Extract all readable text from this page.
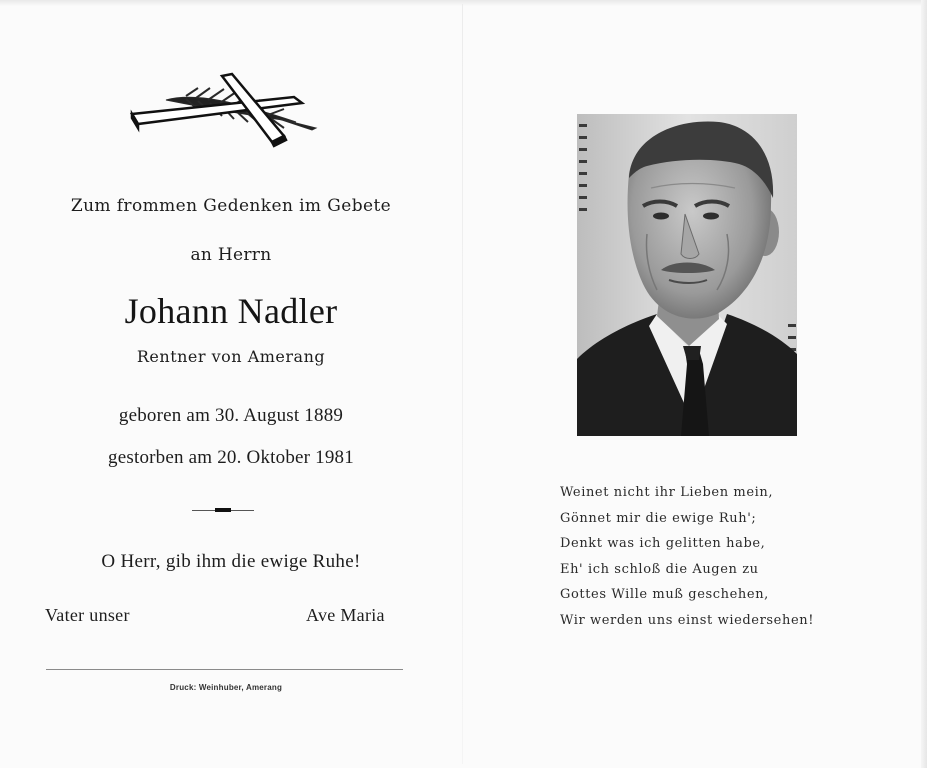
Zum frommen Gedenken im Gebete
an Herrn
Johann Nadler
Rentner von Amerang
geboren am 30. August 1889
gestorben am 20. Oktober 1981
O Herr, gib ihm die ewige Ruhe!
Vater unser	Ave Maria
Druck: Weinhuber, Amerang
Weinet nicht ihr Lieben mein,
Gönnet mir die ewige Ruh';
Denkt was ich gelitten habe,
Eh' ich schloß die Augen zu
Gottes Wille muß geschehen,
Wir werden uns einst wiedersehen!
